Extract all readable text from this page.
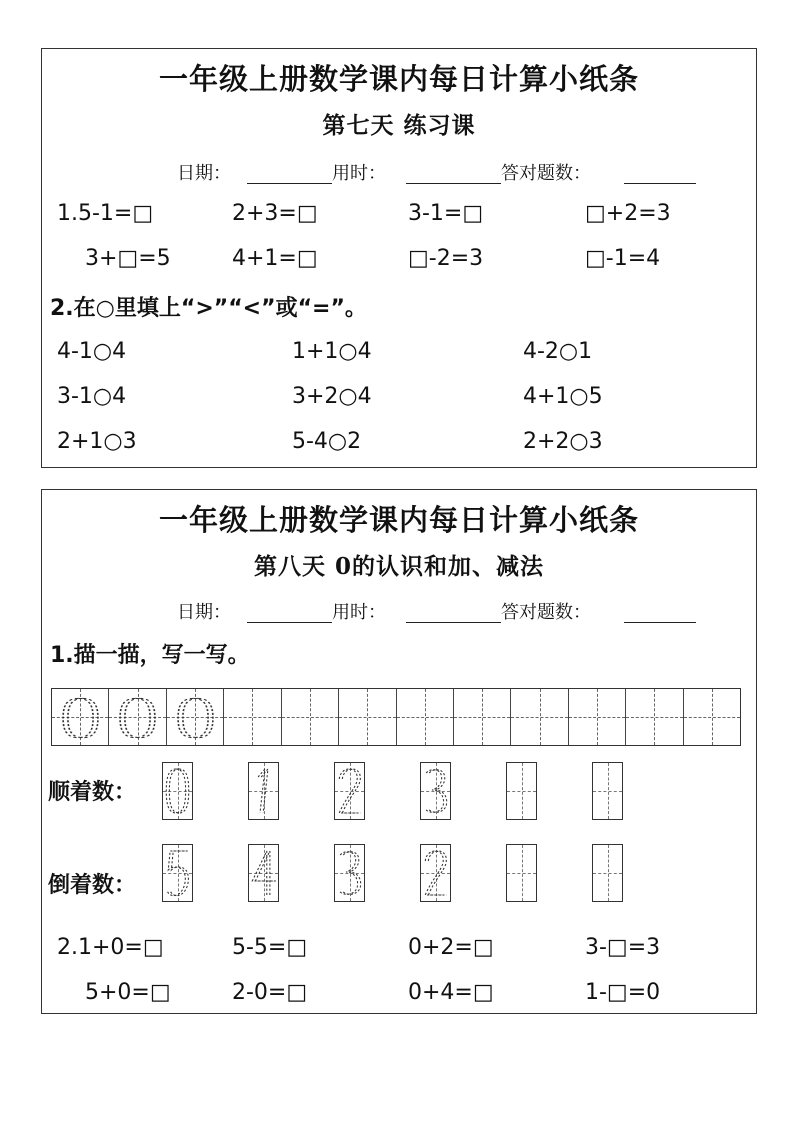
一年级上册数学课内每日计算小纸条
第七天 练习课
日期：	用时：	答对题数：
1.5-1=□	2+3=□	3-1=□	□+2=3
3+□=5	4+1=□	□-2=3	□-1=4
2.在○里填上“>”“<”或“=”。
4-1○4	1+1○4	4-2○1
3-1○4	3+2○4	4+1○5
2+1○3	5-4○2	2+2○3
一年级上册数学课内每日计算小纸条
第八天 0的认识和加、减法
日期：	用时：	答对题数：
1.描一描，写一写。
顺着数：
倒着数：
2.1+0=□	5-5=□	0+2=□	3-□=3
5+0=□	2-0=□	0+4=□	1-□=0
